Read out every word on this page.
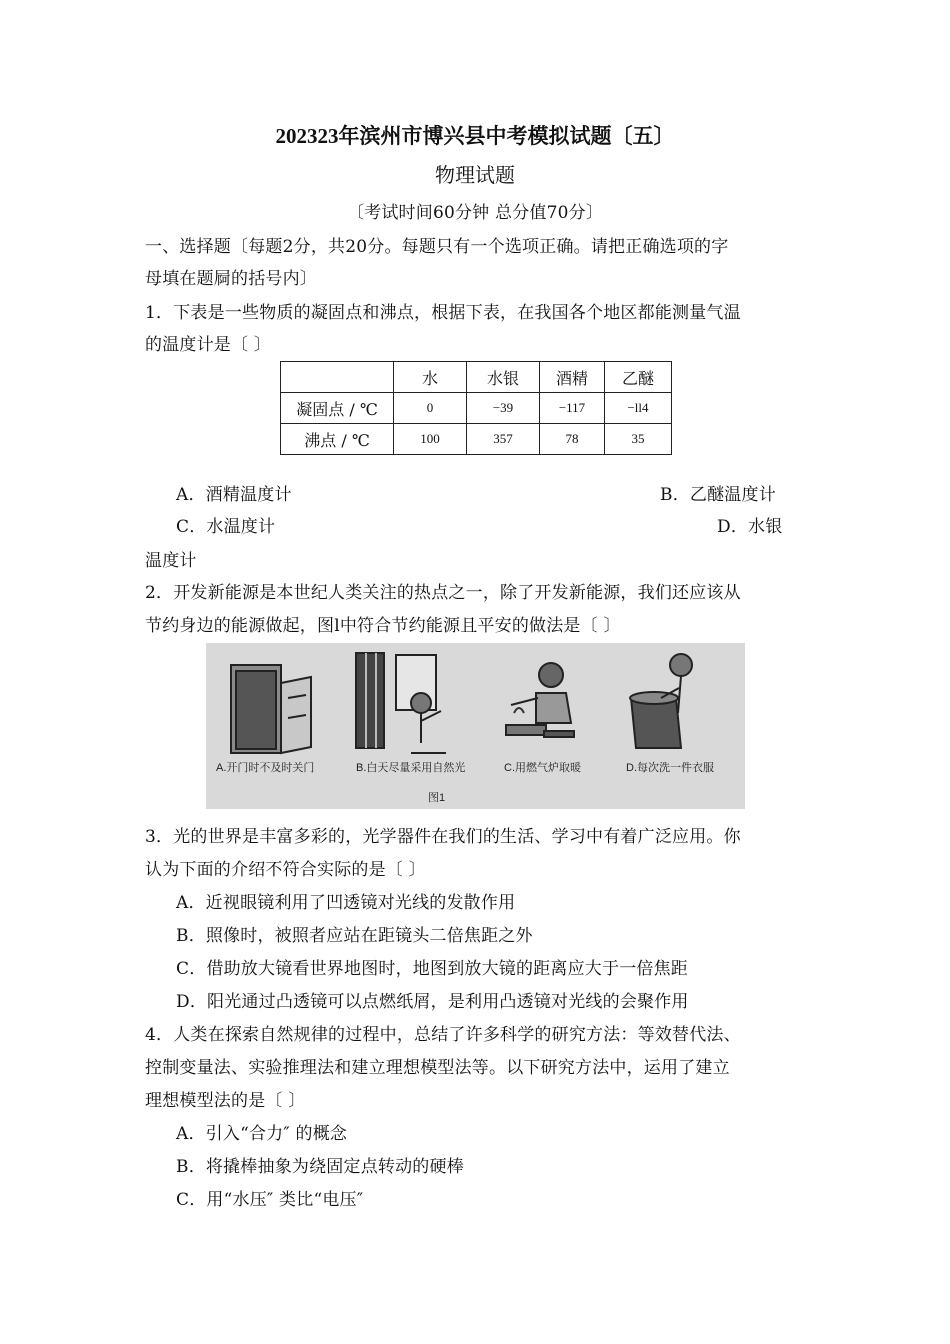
202323年滨州市博兴县中考模拟试题〔五〕
物理试题
〔考试时间60分钟 总分值70分〕
一、选择题〔每题2分，共20分。每题只有一个选项正确。请把正确选项的字
母填在题屙的括号内〕
1．下表是一些物质的凝固点和沸点，根据下表，在我国各个地区都能测量气温
的温度计是〔 〕
	水	水银	酒精	乙醚
凝固点 / ℃	0	−39	−117	−ll4
沸点 / ℃	100	357	78	35
A．酒精温度计	B．乙醚温度计
C．水温度计	D．水银
温度计
2．开发新能源是本世纪人类关注的热点之一，除了开发新能源，我们还应该从
节约身边的能源做起，图l中符合节约能源且平安的做法是〔 〕
A.开门时不及时关门	B.白天尽量采用自然光	C.用燃气炉取暖	D.每次洗一件衣服
图1
3．光的世界是丰富多彩的，光学器件在我们的生活、学习中有着广泛应用。你
认为下面的介绍不符合实际的是〔 〕
A．近视眼镜利用了凹透镜对光线的发散作用
B．照像时，被照者应站在距镜头二倍焦距之外
C．借助放大镜看世界地图时，地图到放大镜的距离应大于一倍焦距
D．阳光通过凸透镜可以点燃纸屑，是利用凸透镜对光线的会聚作用
4．人类在探索自然规律的过程中，总结了许多科学的研究方法：等效替代法、
控制变量法、实验推理法和建立理想模型法等。以下研究方法中，运用了建立
理想模型法的是〔 〕
A．引入“合力″ 的概念
B．将撬棒抽象为绕固定点转动的硬棒
C．用“水压″ 类比“电压″
